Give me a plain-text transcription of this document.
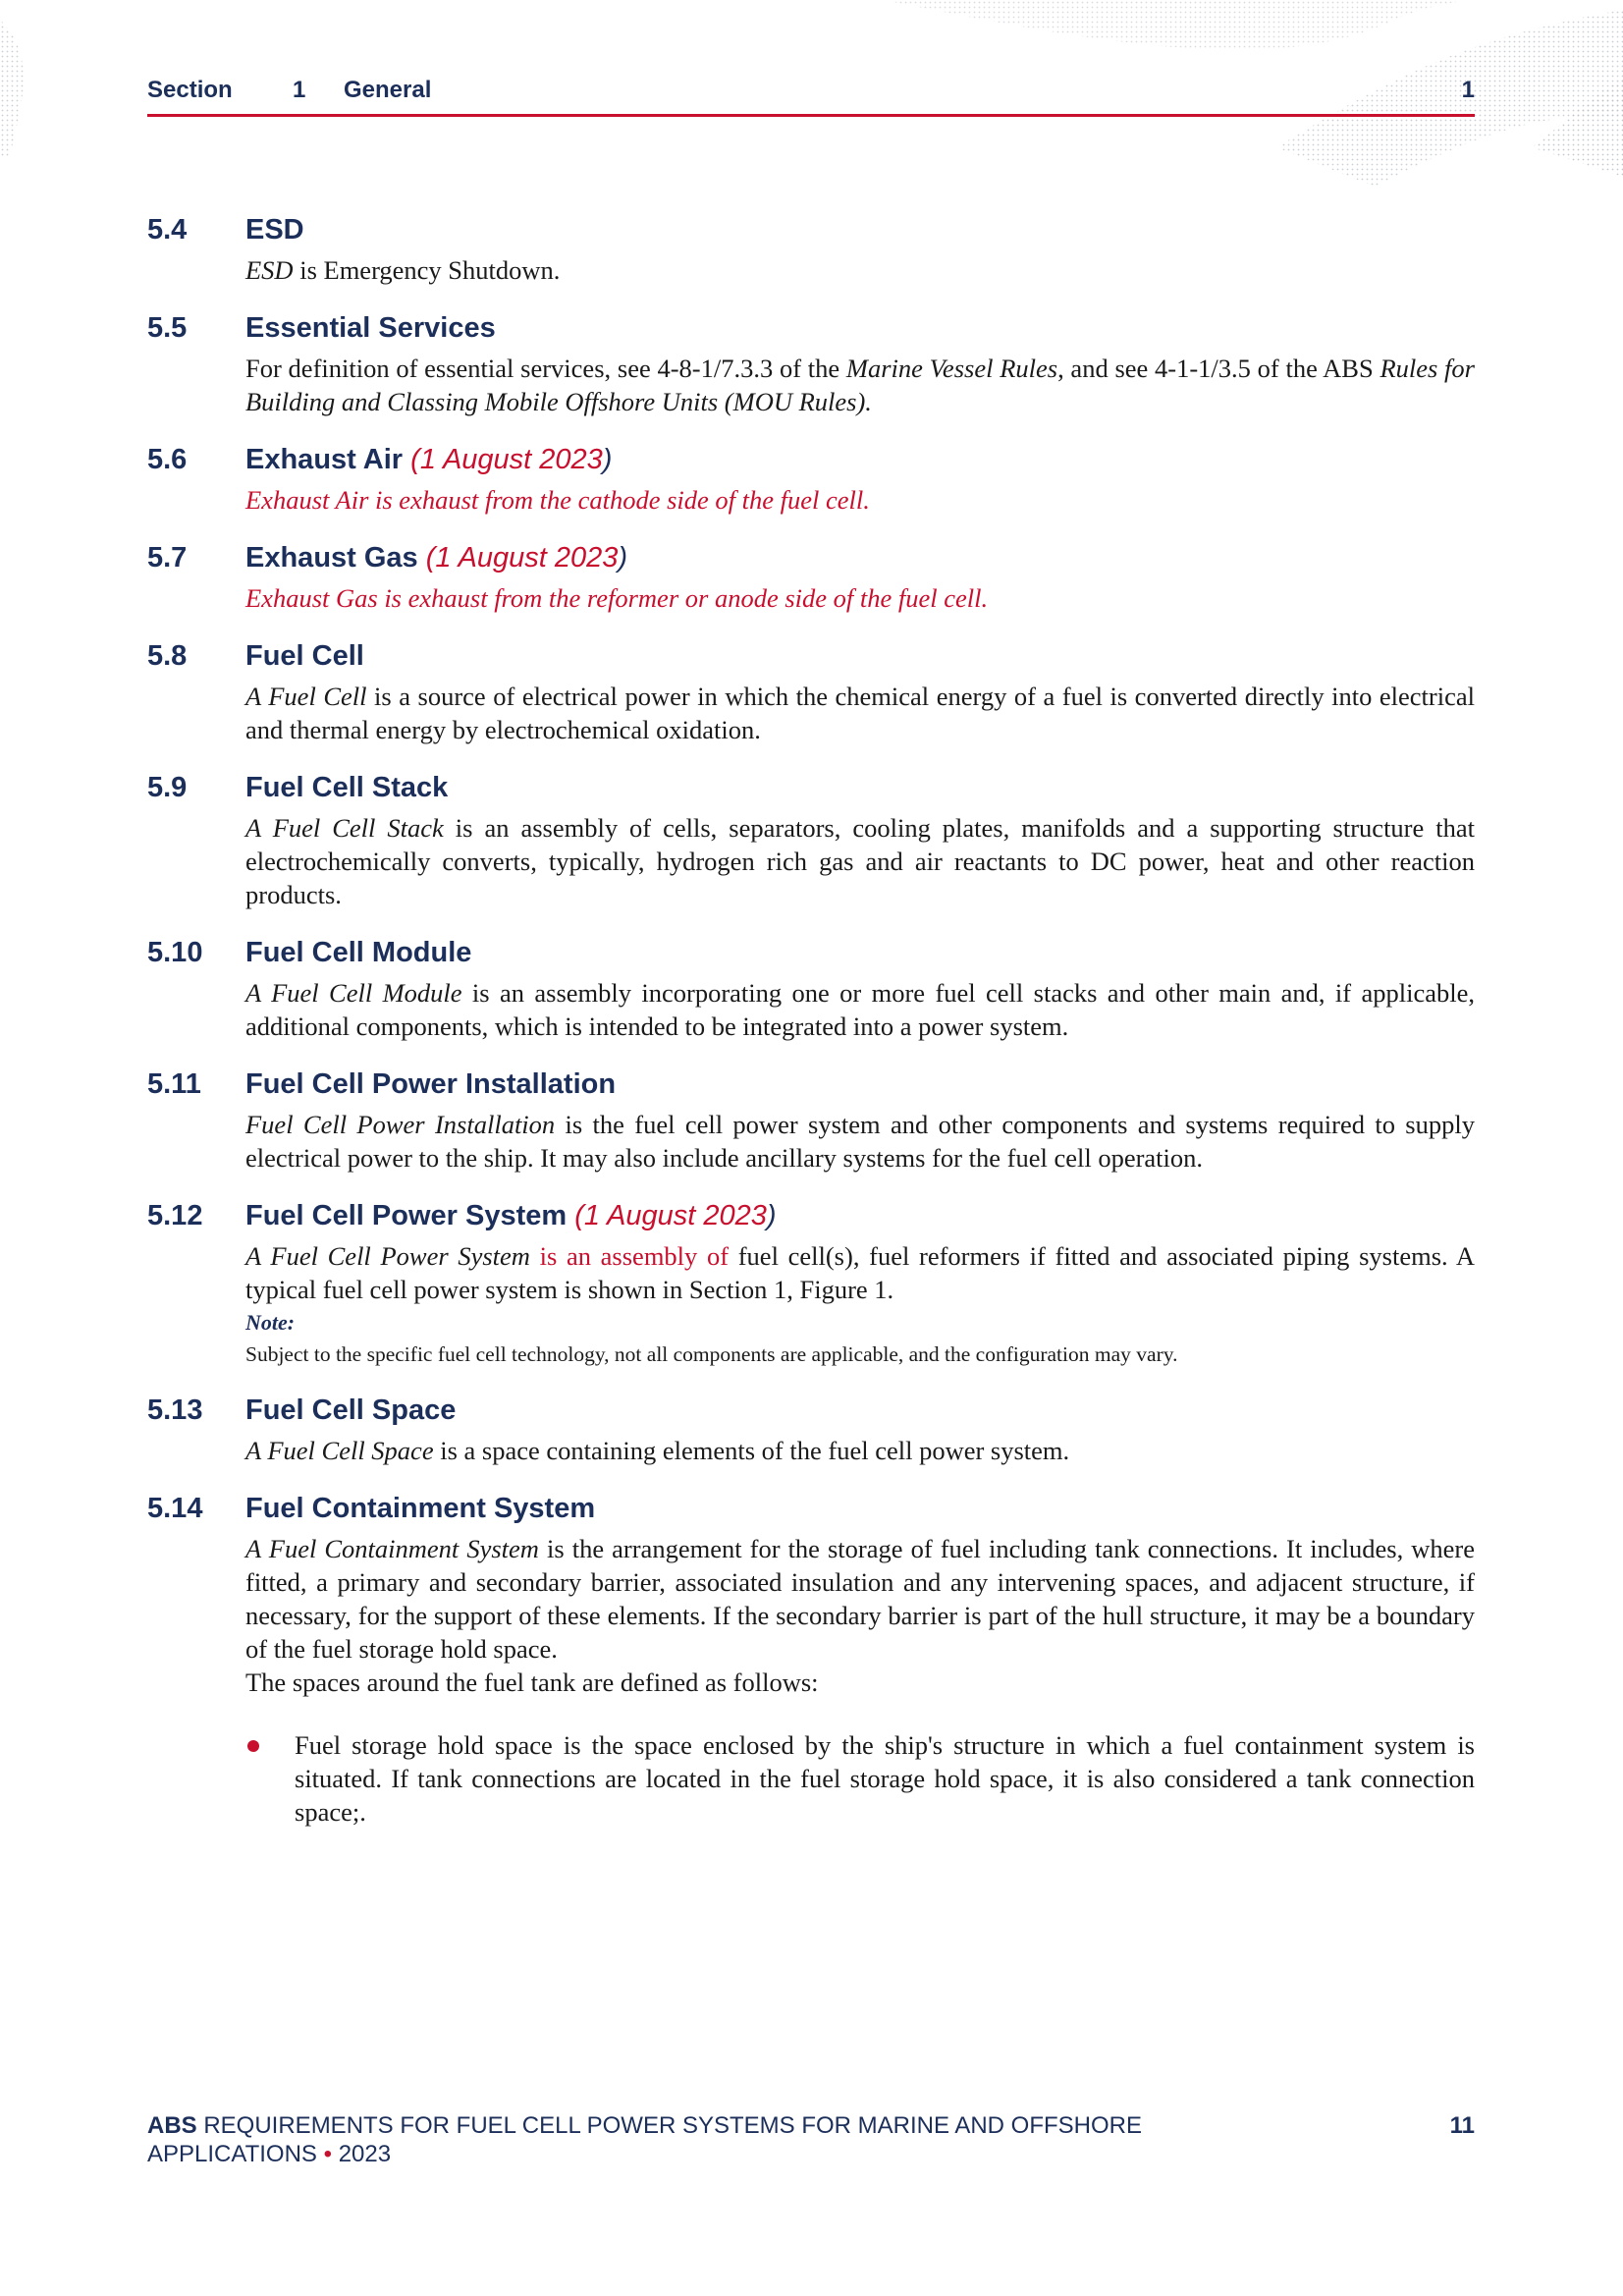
Section	1 General	1
5.4	ESD

ESD is Emergency Shutdown.

5.5	Essential Services

For definition of essential services, see 4-8-1/7.3.3 of the Marine Vessel Rules, and see 4-1-1/3.5 of the ABS Rules for Building and Classing Mobile Offshore Units (MOU Rules).

5.6	Exhaust Air (1 August 2023)

Exhaust Air is exhaust from the cathode side of the fuel cell.

5.7	Exhaust Gas (1 August 2023)

Exhaust Gas is exhaust from the reformer or anode side of the fuel cell.

5.8	Fuel Cell

A Fuel Cell is a source of electrical power in which the chemical energy of a fuel is converted directly into electrical and thermal energy by electrochemical oxidation.

5.9	Fuel Cell Stack

A Fuel Cell Stack is an assembly of cells, separators, cooling plates, manifolds and a supporting structure that electrochemically converts, typically, hydrogen rich gas and air reactants to DC power, heat and other reaction products.

5.10	Fuel Cell Module

A Fuel Cell Module is an assembly incorporating one or more fuel cell stacks and other main and, if applicable, additional components, which is intended to be integrated into a power system.

5.11	Fuel Cell Power Installation

Fuel Cell Power Installation is the fuel cell power system and other components and systems required to supply electrical power to the ship. It may also include ancillary systems for the fuel cell operation.

5.12	Fuel Cell Power System (1 August 2023)

A Fuel Cell Power System is an assembly of fuel cell(s), fuel reformers if fitted and associated piping systems. A typical fuel cell power system is shown in Section 1, Figure 1.

Note:

Subject to the specific fuel cell technology, not all components are applicable, and the configuration may vary.

5.13	Fuel Cell Space

A Fuel Cell Space is a space containing elements of the fuel cell power system.

5.14	Fuel Containment System

A Fuel Containment System is the arrangement for the storage of fuel including tank connections. It includes, where fitted, a primary and secondary barrier, associated insulation and any intervening spaces, and adjacent structure, if necessary, for the support of these elements. If the secondary barrier is part of the hull structure, it may be a boundary of the fuel storage hold space.

The spaces around the fuel tank are defined as follows:

Fuel storage hold space is the space enclosed by the ship's structure in which a fuel containment system is situated. If tank connections are located in the fuel storage hold space, it is also considered a tank connection space;.
ABS REQUIREMENTS FOR FUEL CELL POWER SYSTEMS FOR MARINE AND OFFSHORE APPLICATIONS • 2023
11
